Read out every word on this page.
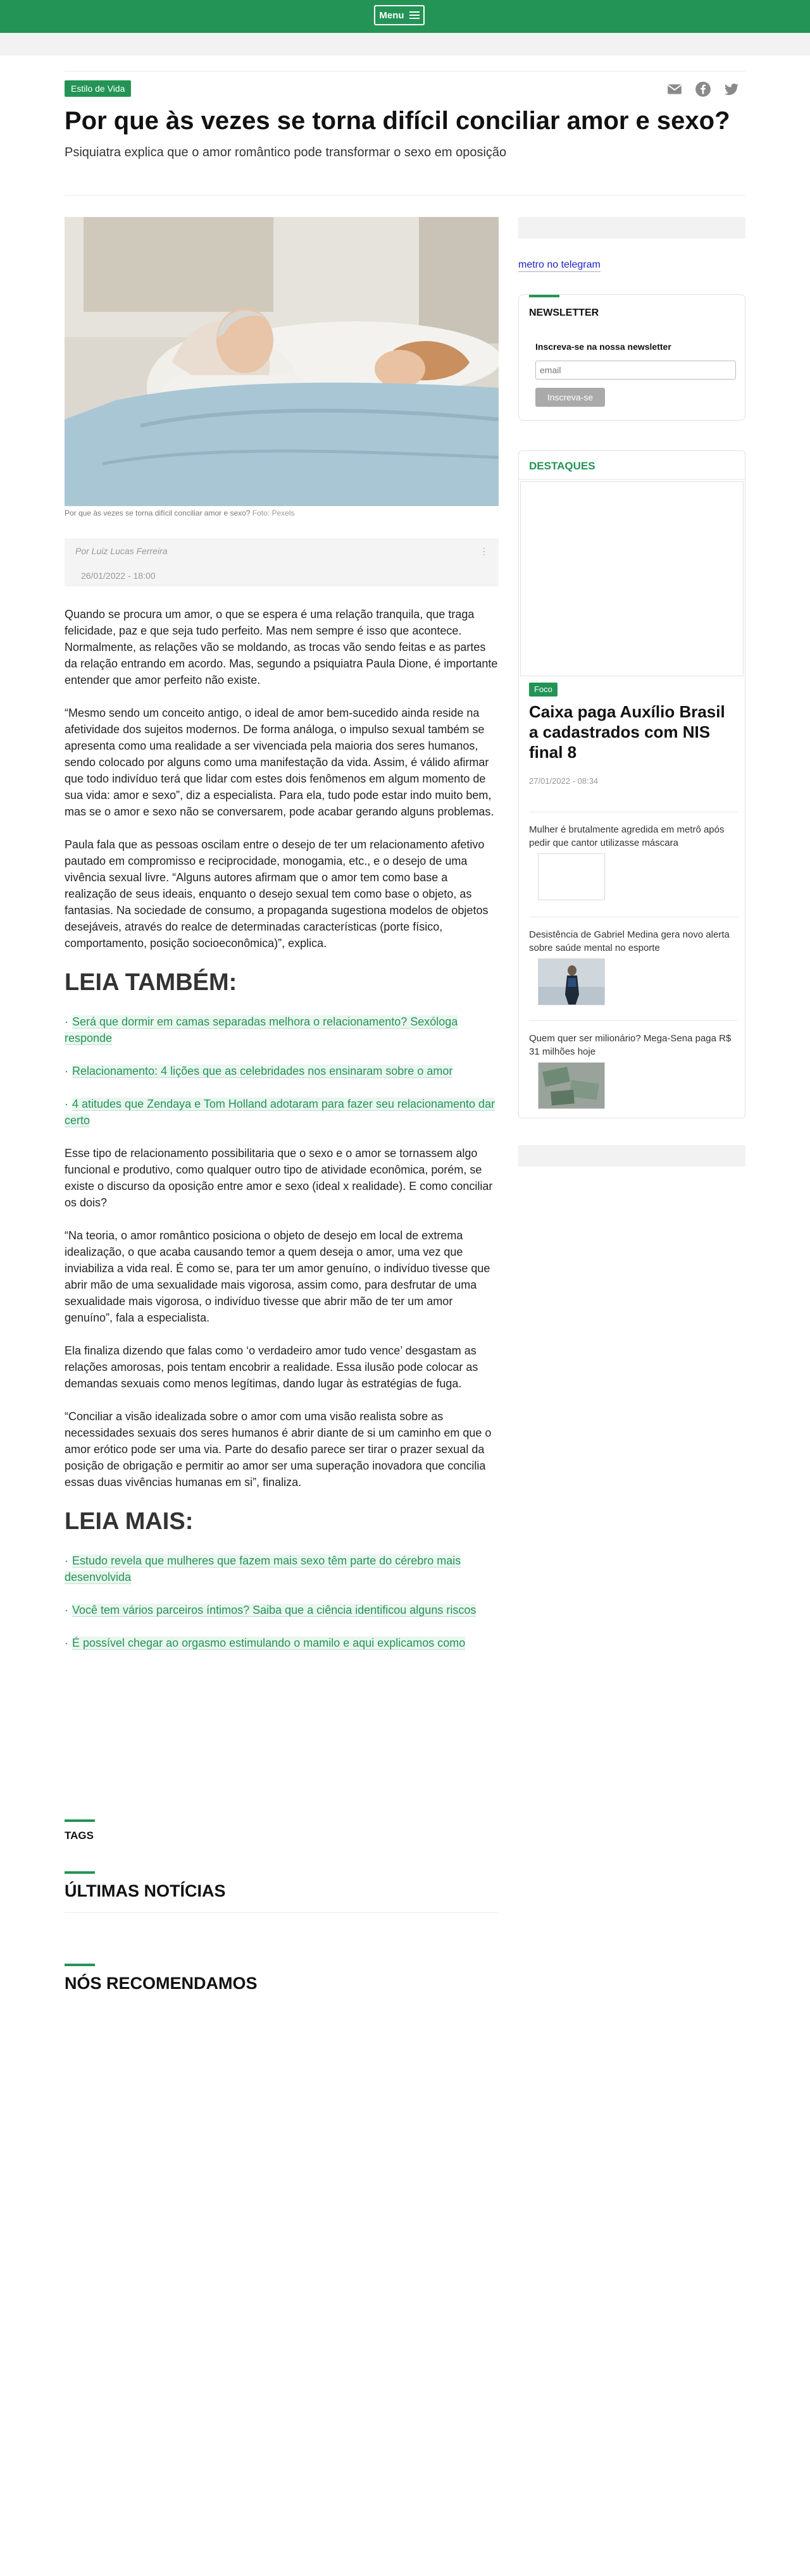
Menu
Estilo de Vida
Por que às vezes se torna difícil conciliar amor e sexo?
Psiquiatra explica que o amor romântico pode transformar o sexo em oposição
Por que às vezes se torna difícil conciliar amor e sexo? Foto: Pexels
Por Luiz Lucas Ferreira	⋮
26/01/2022 - 18:00

Quando se procura um amor, o que se espera é uma relação tranquila, que traga felicidade, paz e que seja tudo perfeito. Mas nem sempre é isso que acontece. Normalmente, as relações vão se moldando, as trocas vão sendo feitas e as partes da relação entrando em acordo. Mas, segundo a psiquiatra Paula Dione, é importante entender que amor perfeito não existe.

“Mesmo sendo um conceito antigo, o ideal de amor bem-sucedido ainda reside na afetividade dos sujeitos modernos. De forma análoga, o impulso sexual também se apresenta como uma realidade a ser vivenciada pela maioria dos seres humanos, sendo colocado por alguns como uma manifestação da vida. Assim, é válido afirmar que todo indivíduo terá que lidar com estes dois fenômenos em algum momento de sua vida: amor e sexo”, diz a especialista. Para ela, tudo pode estar indo muito bem, mas se o amor e sexo não se conversarem, pode acabar gerando alguns problemas.

Paula fala que as pessoas oscilam entre o desejo de ter um relacionamento afetivo pautado em compromisso e reciprocidade, monogamia, etc., e o desejo de uma vivência sexual livre. “Alguns autores afirmam que o amor tem como base a realização de seus ideais, enquanto o desejo sexual tem como base o objeto, as fantasias. Na sociedade de consumo, a propaganda sugestiona modelos de objetos desejáveis, através do realce de determinadas características (porte físico, comportamento, posição socioeconômica)”, explica.

LEIA TAMBÉM:
· Será que dormir em camas separadas melhora o relacionamento? Sexóloga responde
· Relacionamento: 4 lições que as celebridades nos ensinaram sobre o amor
· 4 atitudes que Zendaya e Tom Holland adotaram para fazer seu relacionamento dar certo

Esse tipo de relacionamento possibilitaria que o sexo e o amor se tornassem algo funcional e produtivo, como qualquer outro tipo de atividade econômica, porém, se existe o discurso da oposição entre amor e sexo (ideal x realidade). E como conciliar os dois?

“Na teoria, o amor romântico posiciona o objeto de desejo em local de extrema idealização, o que acaba causando temor a quem deseja o amor, uma vez que inviabiliza a vida real. É como se, para ter um amor genuíno, o indivíduo tivesse que abrir mão de uma sexualidade mais vigorosa, assim como, para desfrutar de uma sexualidade mais vigorosa, o indivíduo tivesse que abrir mão de ter um amor genuíno”, fala a especialista.

Ela finaliza dizendo que falas como ‘o verdadeiro amor tudo vence’ desgastam as relações amorosas, pois tentam encobrir a realidade. Essa ilusão pode colocar as demandas sexuais como menos legítimas, dando lugar às estratégias de fuga.

“Conciliar a visão idealizada sobre o amor com uma visão realista sobre as necessidades sexuais dos seres humanos é abrir diante de si um caminho em que o amor erótico pode ser uma via. Parte do desafio parece ser tirar o prazer sexual da posição de obrigação e permitir ao amor ser uma superação inovadora que concilia essas duas vivências humanas em si”, finaliza.

LEIA MAIS:
· Estudo revela que mulheres que fazem mais sexo têm parte do cérebro mais desenvolvida
· Você tem vários parceiros íntimos? Saiba que a ciência identificou alguns riscos
· É possível chegar ao orgasmo estimulando o mamilo e aqui explicamos como
TAGS
ÚLTIMAS NOTÍCIAS
NÓS RECOMENDAMOS
metro no telegram
NEWSLETTER
Inscreva-se na nossa newsletter
email
Inscreva-se
DESTAQUES
Foco
Caixa paga Auxílio Brasil a cadastrados com NIS final 8
27/01/2022 - 08:34
Mulher é brutalmente agredida em metrô após pedir que cantor utilizasse máscara
Desistência de Gabriel Medina gera novo alerta sobre saúde mental no esporte
Quem quer ser milionário? Mega-Sena paga R$ 31 milhões hoje
